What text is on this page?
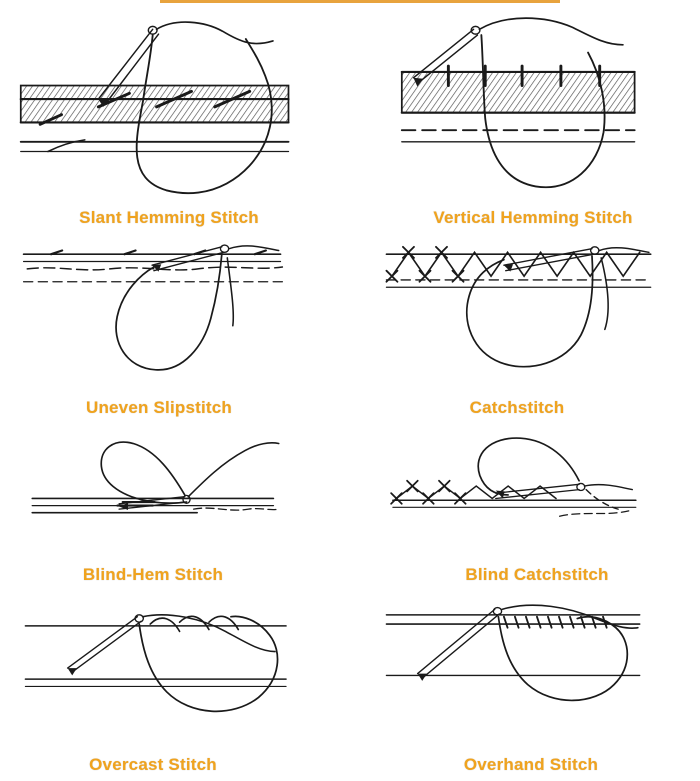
Slant Hemming Stitch	Vertical Hemming Stitch
Uneven Slipstitch	Catchstitch
Blind-Hem Stitch	Blind Catchstitch
Overcast Stitch	Overhand Stitch
